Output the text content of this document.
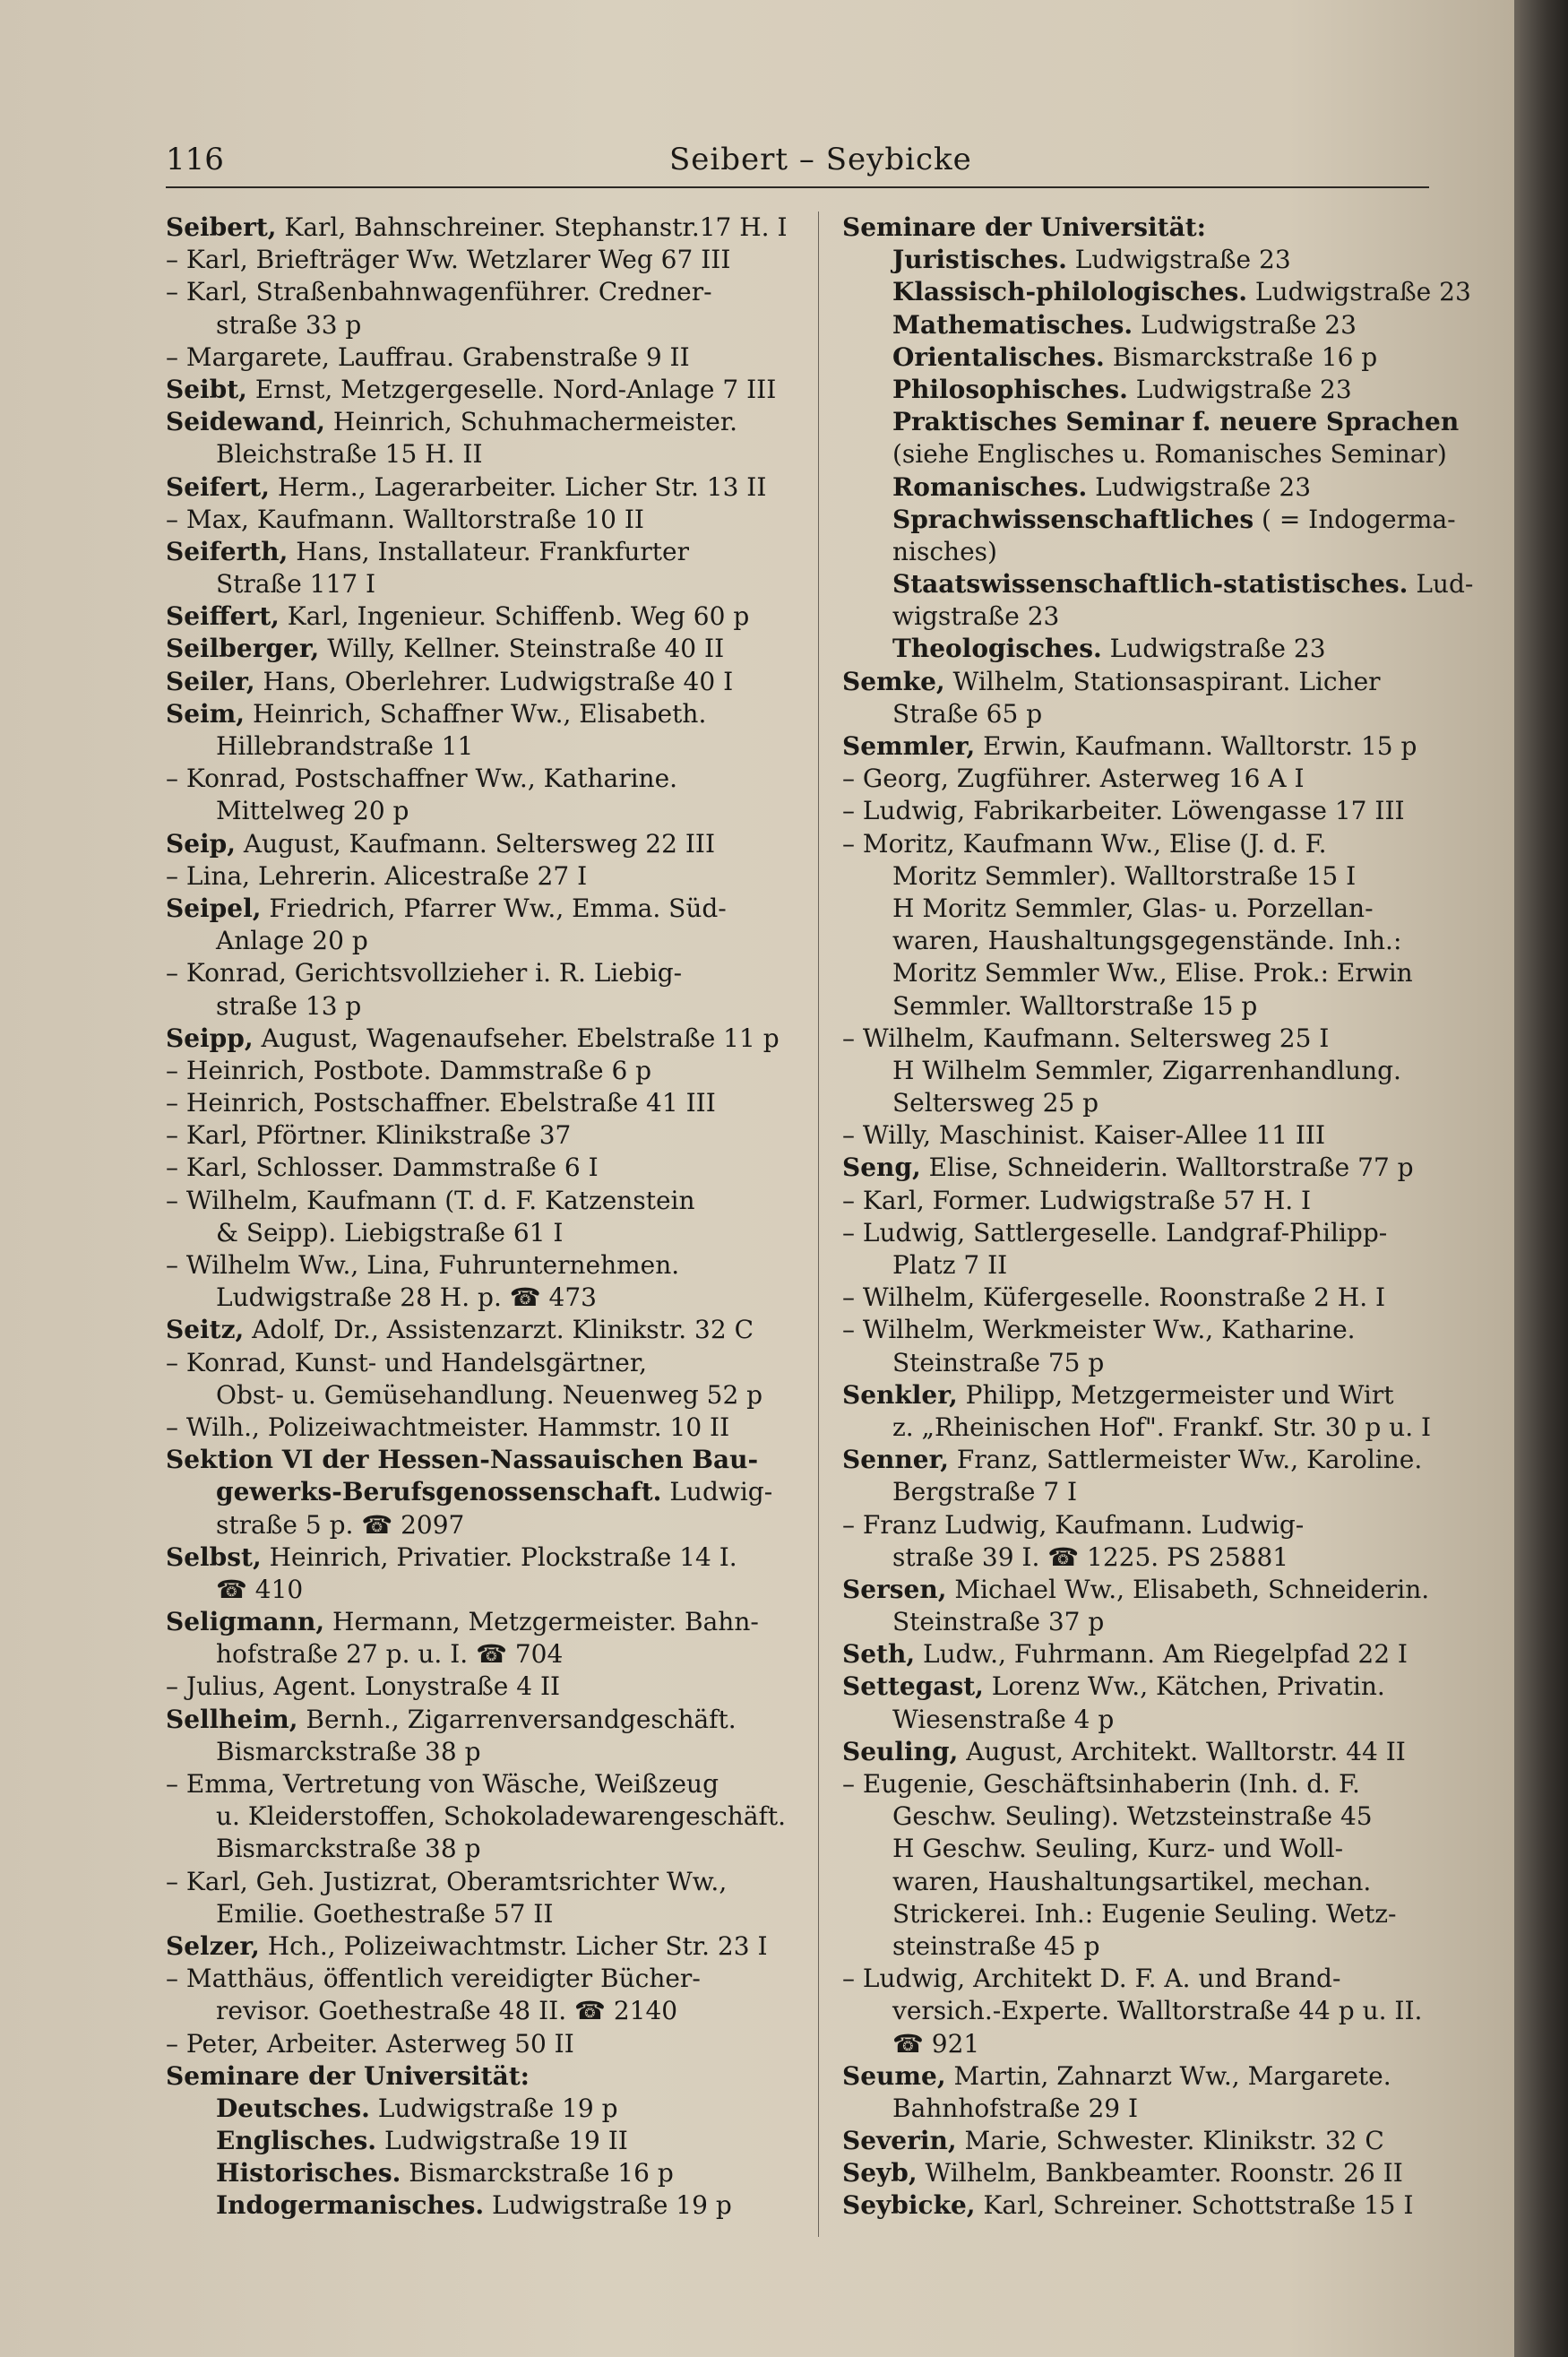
116	Seibert – Seybicke
Seibert, Karl, Bahnschreiner. Stephanstr.17 H. I
– Karl, Briefträger Ww. Wetzlarer Weg 67 III
– Karl, Straßenbahnwagenführer. Credner-
straße 33 p
– Margarete, Lauffrau. Grabenstraße 9 II
Seibt, Ernst, Metzgergeselle. Nord-Anlage 7 III
Seidewand, Heinrich, Schuhmachermeister.
Bleichstraße 15 H. II
Seifert, Herm., Lagerarbeiter. Licher Str. 13 II
– Max, Kaufmann. Walltorstraße 10 II
Seiferth, Hans, Installateur. Frankfurter
Straße 117 I
Seiffert, Karl, Ingenieur. Schiffenb. Weg 60 p
Seilberger, Willy, Kellner. Steinstraße 40 II
Seiler, Hans, Oberlehrer. Ludwigstraße 40 I
Seim, Heinrich, Schaffner Ww., Elisabeth.
Hillebrandstraße 11
– Konrad, Postschaffner Ww., Katharine.
Mittelweg 20 p
Seip, August, Kaufmann. Seltersweg 22 III
– Lina, Lehrerin. Alicestraße 27 I
Seipel, Friedrich, Pfarrer Ww., Emma. Süd-
Anlage 20 p
– Konrad, Gerichtsvollzieher i. R. Liebig-
straße 13 p
Seipp, August, Wagenaufseher. Ebelstraße 11 p
– Heinrich, Postbote. Dammstraße 6 p
– Heinrich, Postschaffner. Ebelstraße 41 III
– Karl, Pförtner. Klinikstraße 37
– Karl, Schlosser. Dammstraße 6 I
– Wilhelm, Kaufmann (T. d. F. Katzenstein
& Seipp). Liebigstraße 61 I
– Wilhelm Ww., Lina, Fuhrunternehmen.
Ludwigstraße 28 H. p. ☎ 473
Seitz, Adolf, Dr., Assistenzarzt. Klinikstr. 32 C
– Konrad, Kunst- und Handelsgärtner,
Obst- u. Gemüsehandlung. Neuenweg 52 p
– Wilh., Polizeiwachtmeister. Hammstr. 10 II
Sektion VI der Hessen-Nassauischen Bau-
gewerks-Berufsgenossenschaft. Ludwig-
straße 5 p. ☎ 2097
Selbst, Heinrich, Privatier. Plockstraße 14 I.
☎ 410
Seligmann, Hermann, Metzgermeister. Bahn-
hofstraße 27 p. u. I. ☎ 704
– Julius, Agent. Lonystraße 4 II
Sellheim, Bernh., Zigarrenversandgeschäft.
Bismarckstraße 38 p
– Emma, Vertretung von Wäsche, Weißzeug
u. Kleiderstoffen, Schokoladewarengeschäft.
Bismarckstraße 38 p
– Karl, Geh. Justizrat, Oberamtsrichter Ww.,
Emilie. Goethestraße 57 II
Selzer, Hch., Polizeiwachtmstr. Licher Str. 23 I
– Matthäus, öffentlich vereidigter Bücher-
revisor. Goethestraße 48 II. ☎ 2140
– Peter, Arbeiter. Asterweg 50 II
Seminare der Universität:
Deutsches. Ludwigstraße 19 p
Englisches. Ludwigstraße 19 II
Historisches. Bismarckstraße 16 p
Indogermanisches. Ludwigstraße 19 p
Seminare der Universität:
Juristisches. Ludwigstraße 23
Klassisch-philologisches. Ludwigstraße 23
Mathematisches. Ludwigstraße 23
Orientalisches. Bismarckstraße 16 p
Philosophisches. Ludwigstraße 23
Praktisches Seminar f. neuere Sprachen
(siehe Englisches u. Romanisches Seminar)
Romanisches. Ludwigstraße 23
Sprachwissenschaftliches ( = Indogerma-
nisches)
Staatswissenschaftlich-statistisches. Lud-
wigstraße 23
Theologisches. Ludwigstraße 23
Semke, Wilhelm, Stationsaspirant. Licher
Straße 65 p
Semmler, Erwin, Kaufmann. Walltorstr. 15 p
– Georg, Zugführer. Asterweg 16 A I
– Ludwig, Fabrikarbeiter. Löwengasse 17 III
– Moritz, Kaufmann Ww., Elise (J. d. F.
Moritz Semmler). Walltorstraße 15 I
H Moritz Semmler, Glas- u. Porzellan-
waren, Haushaltungsgegenstände. Inh.:
Moritz Semmler Ww., Elise. Prok.: Erwin
Semmler. Walltorstraße 15 p
– Wilhelm, Kaufmann. Seltersweg 25 I
H Wilhelm Semmler, Zigarrenhandlung.
Seltersweg 25 p
– Willy, Maschinist. Kaiser-Allee 11 III
Seng, Elise, Schneiderin. Walltorstraße 77 p
– Karl, Former. Ludwigstraße 57 H. I
– Ludwig, Sattlergeselle. Landgraf-Philipp-
Platz 7 II
– Wilhelm, Küfergeselle. Roonstraße 2 H. I
– Wilhelm, Werkmeister Ww., Katharine.
Steinstraße 75 p
Senkler, Philipp, Metzgermeister und Wirt
z. „Rheinischen Hof". Frankf. Str. 30 p u. I
Senner, Franz, Sattlermeister Ww., Karoline.
Bergstraße 7 I
– Franz Ludwig, Kaufmann. Ludwig-
straße 39 I. ☎ 1225. PS 25881
Sersen, Michael Ww., Elisabeth, Schneiderin.
Steinstraße 37 p
Seth, Ludw., Fuhrmann. Am Riegelpfad 22 I
Settegast, Lorenz Ww., Kätchen, Privatin.
Wiesenstraße 4 p
Seuling, August, Architekt. Walltorstr. 44 II
– Eugenie, Geschäftsinhaberin (Inh. d. F.
Geschw. Seuling). Wetzsteinstraße 45
H Geschw. Seuling, Kurz- und Woll-
waren, Haushaltungsartikel, mechan.
Strickerei. Inh.: Eugenie Seuling. Wetz-
steinstraße 45 p
– Ludwig, Architekt D. F. A. und Brand-
versich.-Experte. Walltorstraße 44 p u. II.
☎ 921
Seume, Martin, Zahnarzt Ww., Margarete.
Bahnhofstraße 29 I
Severin, Marie, Schwester. Klinikstr. 32 C
Seyb, Wilhelm, Bankbeamter. Roonstr. 26 II
Seybicke, Karl, Schreiner. Schottstraße 15 I
